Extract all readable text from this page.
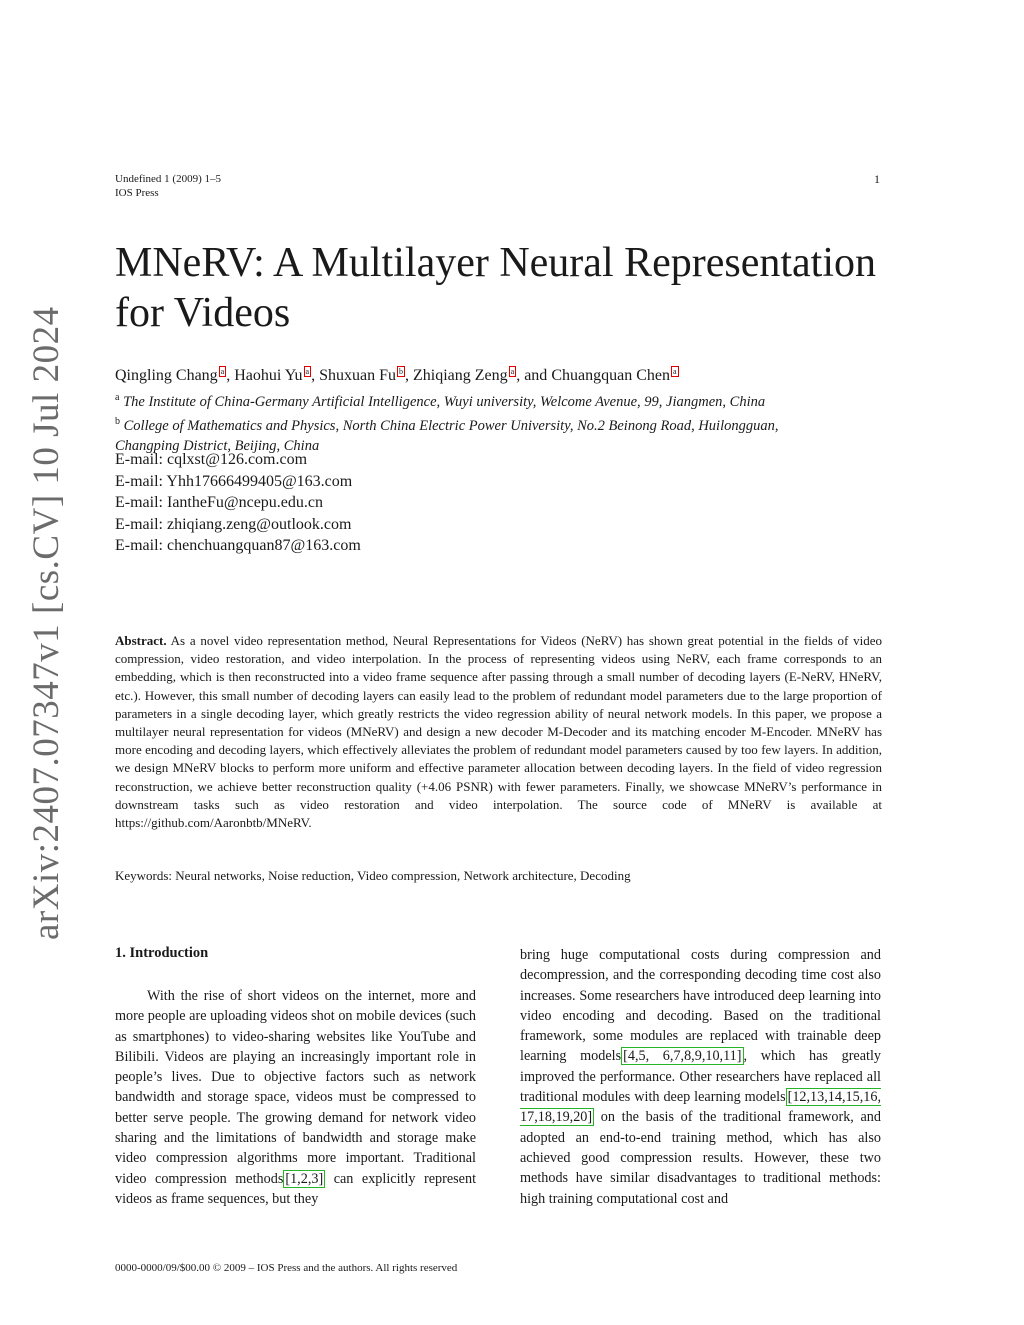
Undefined 1 (2009) 1–5
IOS Press
1
arXiv:2407.07347v1 [cs.CV] 10 Jul 2024
MNeRV: A Multilayer Neural Representation
for Videos
Qingling Chang a , Haohui Yu a , Shuxuan Fu b , Zhiqiang Zeng a , and Chuangquan Chen a
$^a$ The Institute of China-Germany Artificial Intelligence, Wuyi university, Welcome Avenue, 99, Jiangmen, China
$^b$ College of Mathematics and Physics, North China Electric Power University, No.2 Beinong Road, Huilongguan,
Changping District, Beijing, China
E-mail: cqlxst@126.com.com
E-mail: Yhh17666499405@163.com
E-mail: IantheFu@ncepu.edu.cn
E-mail: zhiqiang.zeng@outlook.com
E-mail: chenchuangquan87@163.com
Abstract. As a novel video representation method, Neural Representations for Videos (NeRV) has shown great potential in the fields of video compression, video restoration, and video interpolation. In the process of representing videos using NeRV, each frame corresponds to an embedding, which is then reconstructed into a video frame sequence after passing through a small number of decoding layers (E-NeRV, HNeRV, etc.). However, this small number of decoding layers can easily lead to the problem of redundant model parameters due to the large proportion of parameters in a single decoding layer, which greatly restricts the video regression ability of neural network models. In this paper, we propose a multilayer neural representation for videos (MNeRV) and design a new decoder M-Decoder and its matching encoder M-Encoder. MNeRV has more encoding and decoding layers, which effectively alleviates the problem of redundant model parameters caused by too few layers. In addition, we design MNeRV blocks to perform more uniform and effective parameter allocation between decoding layers. In the field of video regression reconstruction, we achieve better reconstruction quality (+4.06 PSNR) with fewer parameters. Finally, we showcase MNeRV’s performance in downstream tasks such as video restoration and video interpolation. The source code of MNeRV is available at https://github.com/Aaronbtb/MNeRV.
Keywords: Neural networks, Noise reduction, Video compression, Network architecture, Decoding
1. Introduction
With the rise of short videos on the internet, more and more people are uploading videos shot on mobile devices (such as smartphones) to video-sharing websites like YouTube and Bilibili. Videos are playing an increasingly important role in people’s lives. Due to objective factors such as network bandwidth and storage space, videos must be compressed to better serve people. The growing demand for network video sharing and the limitations of bandwidth and storage make video compression algorithms more important. Traditional video compression methods [1,2,3] can explicitly represent videos as frame sequences, but they
bring huge computational costs during compression and decompression, and the corresponding decoding time cost also increases. Some researchers have introduced deep learning into video encoding and decoding. Based on the traditional framework, some modules are replaced with trainable deep learning models [4,5, 6,7,8,9,10,11] , which has greatly improved the performance. Other researchers have replaced all traditional modules with deep learning models [12,13,14,15,16, 17,18,19,20] on the basis of the traditional framework, and adopted an end-to-end training method, which has also achieved good compression results. However, these two methods have similar disadvantages to traditional methods: high training computational cost and
0000-0000/09/$00.00 © 2009 – IOS Press and the authors. All rights reserved
